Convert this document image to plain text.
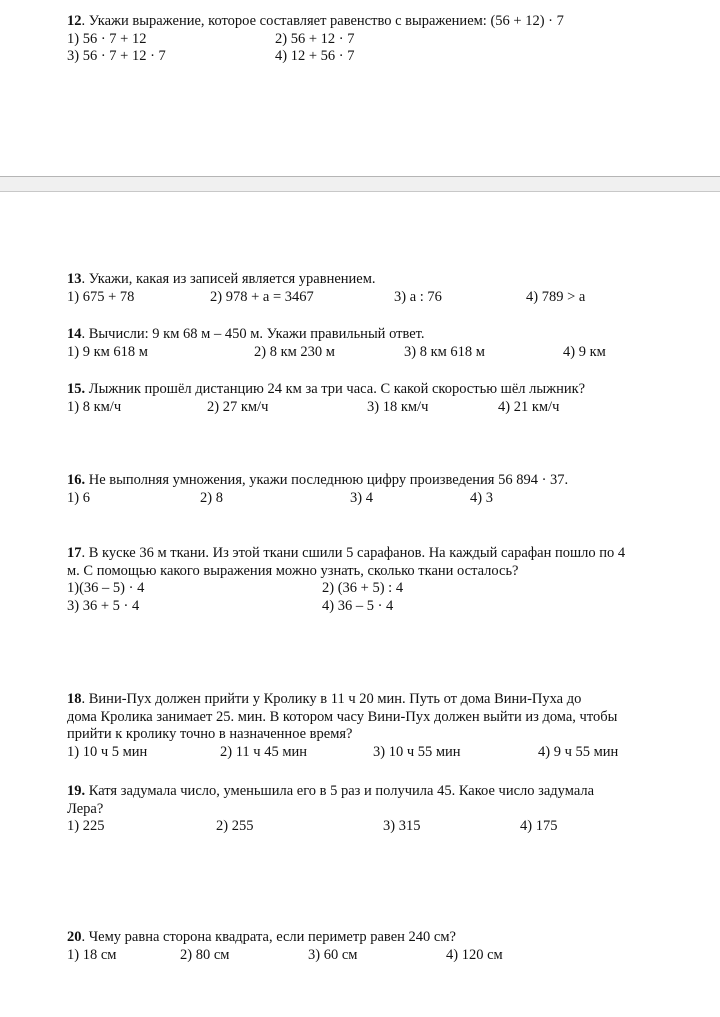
12. Укажи выражение, которое составляет равенство с выражением: (56 + 12) · 7
1) 56 · 7 + 12	2) 56 + 12 · 7
3) 56 · 7 + 12 · 7	4) 12 + 56 · 7
13. Укажи, какая из записей является уравнением.
1) 675 + 78	2) 978 + а = 3467	3) а : 76	4) 789 > а
14. Вычисли: 9 км 68 м – 450 м. Укажи правильный ответ.
1) 9 км 618 м	2) 8 км 230 м	3) 8 км 618 м	4) 9 км
15. Лыжник прошёл дистанцию 24 км за три часа. С какой скоростью шёл лыжник?
1) 8 км/ч	2) 27 км/ч	3) 18 км/ч	4) 21 км/ч
16. Не выполняя умножения, укажи последнюю цифру произведения 56 894 · 37.
1) 6	2) 8	3) 4	4) 3
17. В куске 36 м ткани. Из этой ткани сшили 5 сарафанов. На каждый сарафан пошло по 4
м. С помощью какого выражения можно узнать, сколько ткани осталось?
1)(36 – 5) · 4	2) (36 + 5) : 4
3) 36 + 5 · 4	4) 36 – 5 · 4
18. Вини-Пух должен прийти у Кролику в 11 ч 20 мин. Путь от дома Вини-Пуха до
дома Кролика занимает 25. мин. В котором часу Вини-Пух должен выйти из дома, чтобы
прийти к кролику точно в назначенное время?
1) 10 ч 5 мин	2) 11 ч 45 мин	3) 10 ч 55 мин	4) 9 ч 55 мин
19. Катя задумала число, уменьшила его в 5 раз и получила 45. Какое число задумала
Лера?
1) 225	2) 255	3) 315	4) 175
20. Чему равна сторона квадрата, если периметр равен 240 см?
1) 18 см	2) 80 см	3) 60 см	4) 120 см
